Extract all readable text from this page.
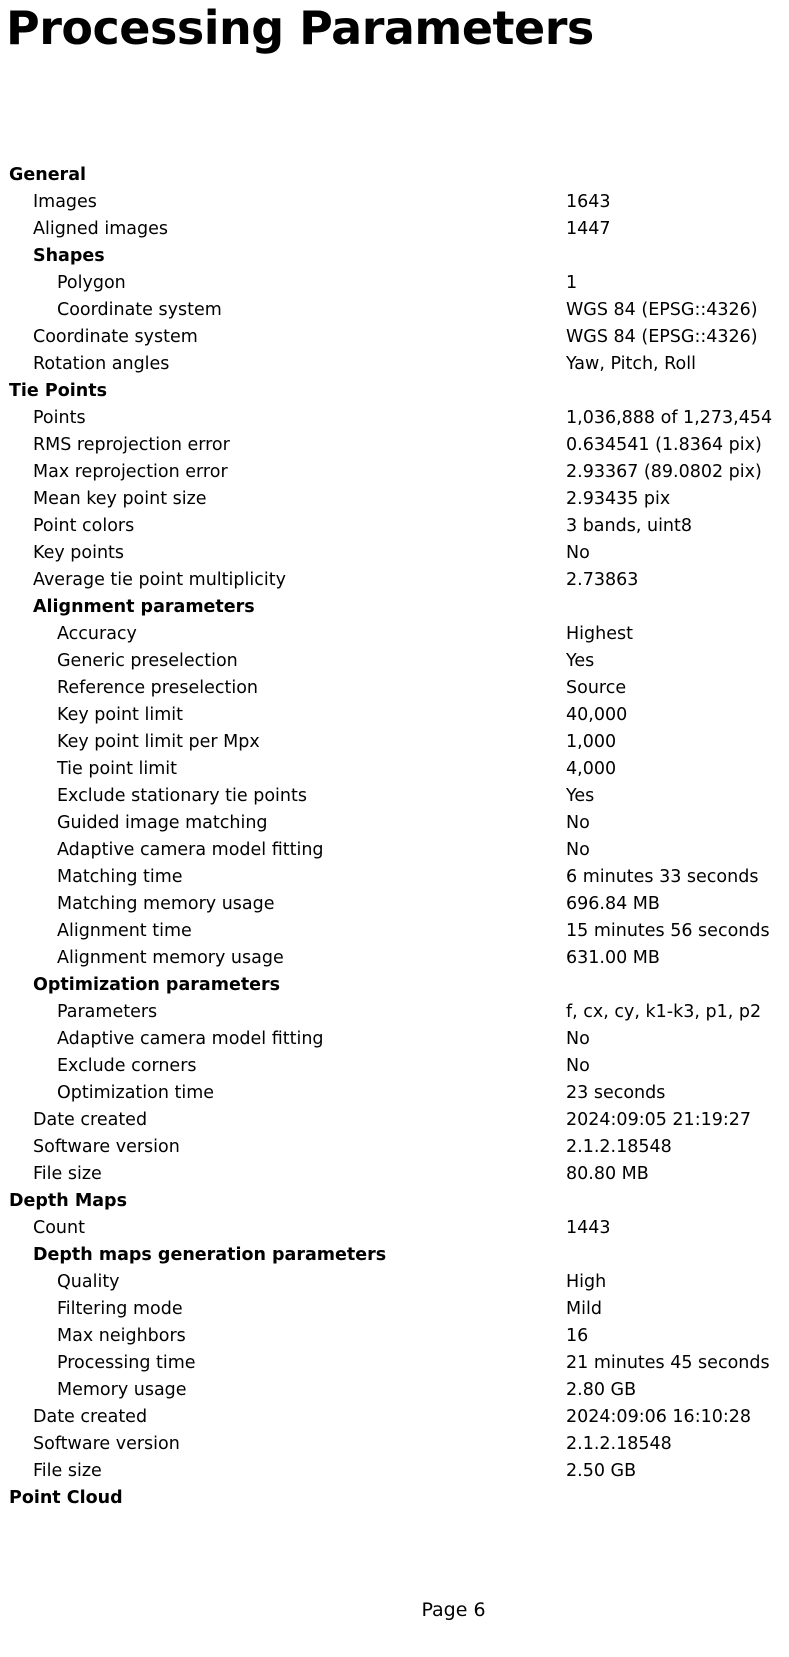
Processing Parameters
General
Images	1643
Aligned images	1447
Shapes
Polygon	1
Coordinate system	WGS 84 (EPSG::4326)
Coordinate system	WGS 84 (EPSG::4326)
Rotation angles	Yaw, Pitch, Roll
Tie Points
Points	1,036,888 of 1,273,454
RMS reprojection error	0.634541 (1.8364 pix)
Max reprojection error	2.93367 (89.0802 pix)
Mean key point size	2.93435 pix
Point colors	3 bands, uint8
Key points	No
Average tie point multiplicity	2.73863
Alignment parameters
Accuracy	Highest
Generic preselection	Yes
Reference preselection	Source
Key point limit	40,000
Key point limit per Mpx	1,000
Tie point limit	4,000
Exclude stationary tie points	Yes
Guided image matching	No
Adaptive camera model fitting	No
Matching time	6 minutes 33 seconds
Matching memory usage	696.84 MB
Alignment time	15 minutes 56 seconds
Alignment memory usage	631.00 MB
Optimization parameters
Parameters	f, cx, cy, k1-k3, p1, p2
Adaptive camera model fitting	No
Exclude corners	No
Optimization time	23 seconds
Date created	2024:09:05 21:19:27
Software version	2.1.2.18548
File size	80.80 MB
Depth Maps
Count	1443
Depth maps generation parameters
Quality	High
Filtering mode	Mild
Max neighbors	16
Processing time	21 minutes 45 seconds
Memory usage	2.80 GB
Date created	2024:09:06 16:10:28
Software version	2.1.2.18548
File size	2.50 GB
Point Cloud
Page 6
